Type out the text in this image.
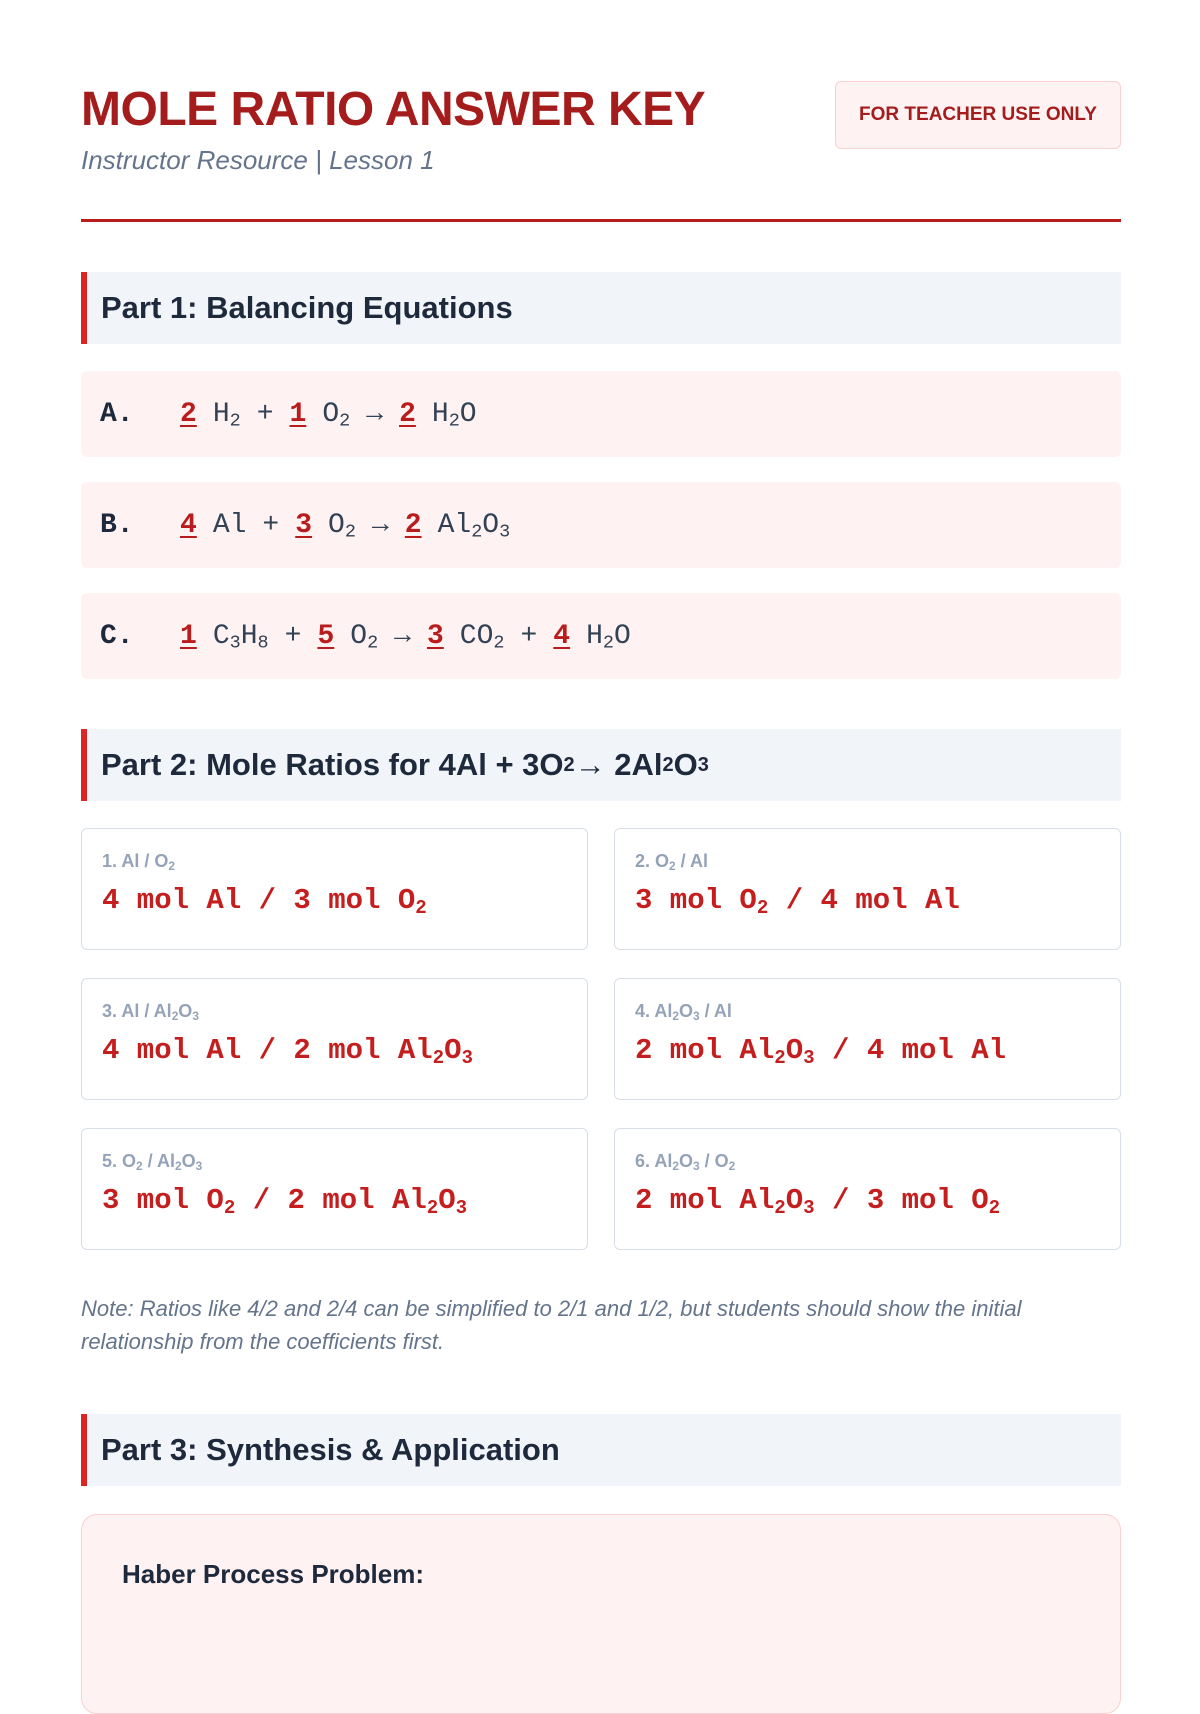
MOLE RATIO ANSWER KEY
Instructor Resource | Lesson 1
FOR TEACHER USE ONLY
Part 1: Balancing Equations
A.	2 $H_2 + 1$ $O_2 \to 2$ $H_2O$
B.	4 Al + 3 $O_2 \to 2$ $Al_2O_3$
C.	1 $C_3H_8 + 5$ $O_2 \to 3$ $CO_2 + 4$ $H_2O$
Part 2: Mole Ratios for 4Al + 3O 2 → 2Al 2 O 3
1. Al / $O_2$
4 mol Al / 3 mol $O_2$
2. $O_2$ / Al
3 mol $O_2 / 4$ mol Al
3. Al / $Al_2O_3$
4 mol Al / 2 mol $Al_2O_3$
4. $Al_2O_3$ / Al
2 mol $Al_2O_3 / 4$ mol Al
5. $O_2 / Al_2O_3$
3 mol $O_2 / 2$ mol $Al_2O_3$
6. $Al_2O_3 / O_2$
2 mol $Al_2O_3 / 3$ mol $O_2$

Note: Ratios like 4/2 and 2/4 can be simplified to 2/1 and 1/2, but students should show the initial relationship from the coefficients first.

Part 3: Synthesis & Application
Haber Process Problem:
